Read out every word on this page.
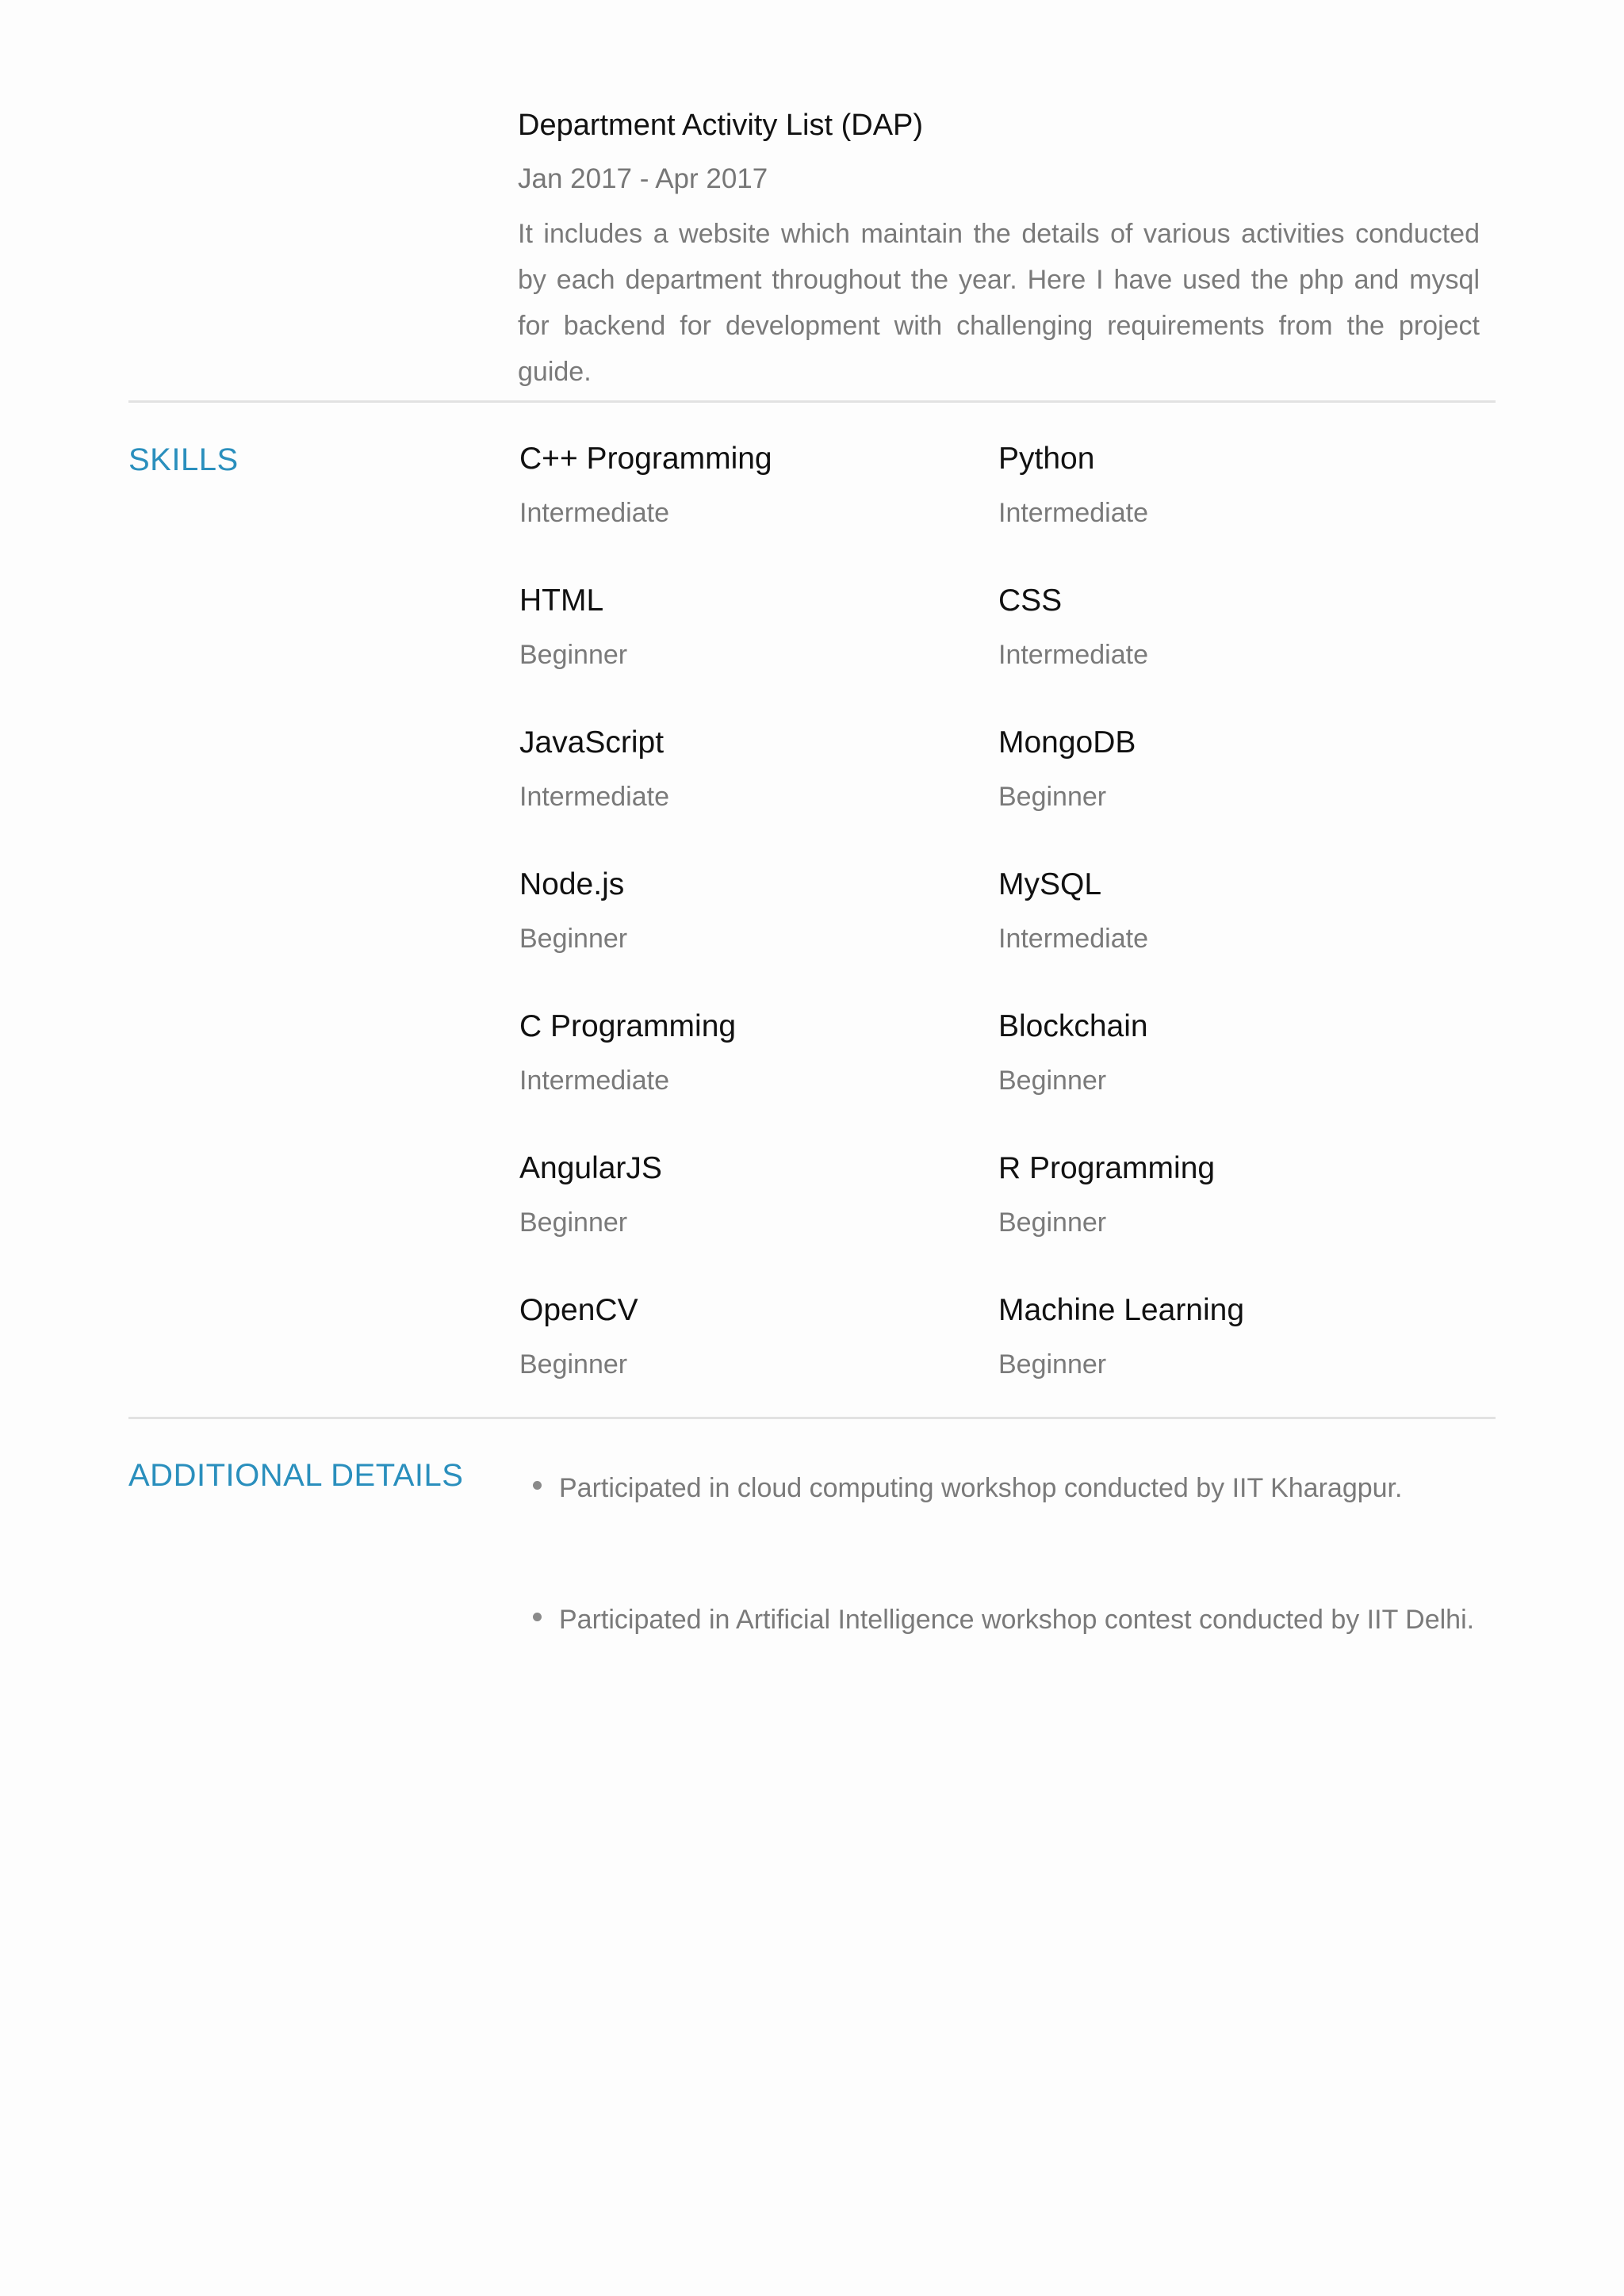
Department Activity List (DAP)
Jan 2017 - Apr 2017
It includes a website which maintain the details of various activities conducted by each department throughout the year. Here I have used the php and mysql for backend for development with challenging requirements from the project guide.
SKILLS	C++ Programming
Intermediate
Python
Intermediate
HTML
Beginner
CSS
Intermediate
JavaScript
Intermediate
MongoDB
Beginner
Node.js
Beginner
MySQL
Intermediate
C Programming
Intermediate
Blockchain
Beginner
AngularJS
Beginner
R Programming
Beginner
OpenCV
Beginner
Machine Learning
Beginner
ADDITIONAL DETAILS	Participated in cloud computing workshop conducted by IIT Kharagpur.
Participated in Artificial Intelligence workshop contest conducted by IIT Delhi.
